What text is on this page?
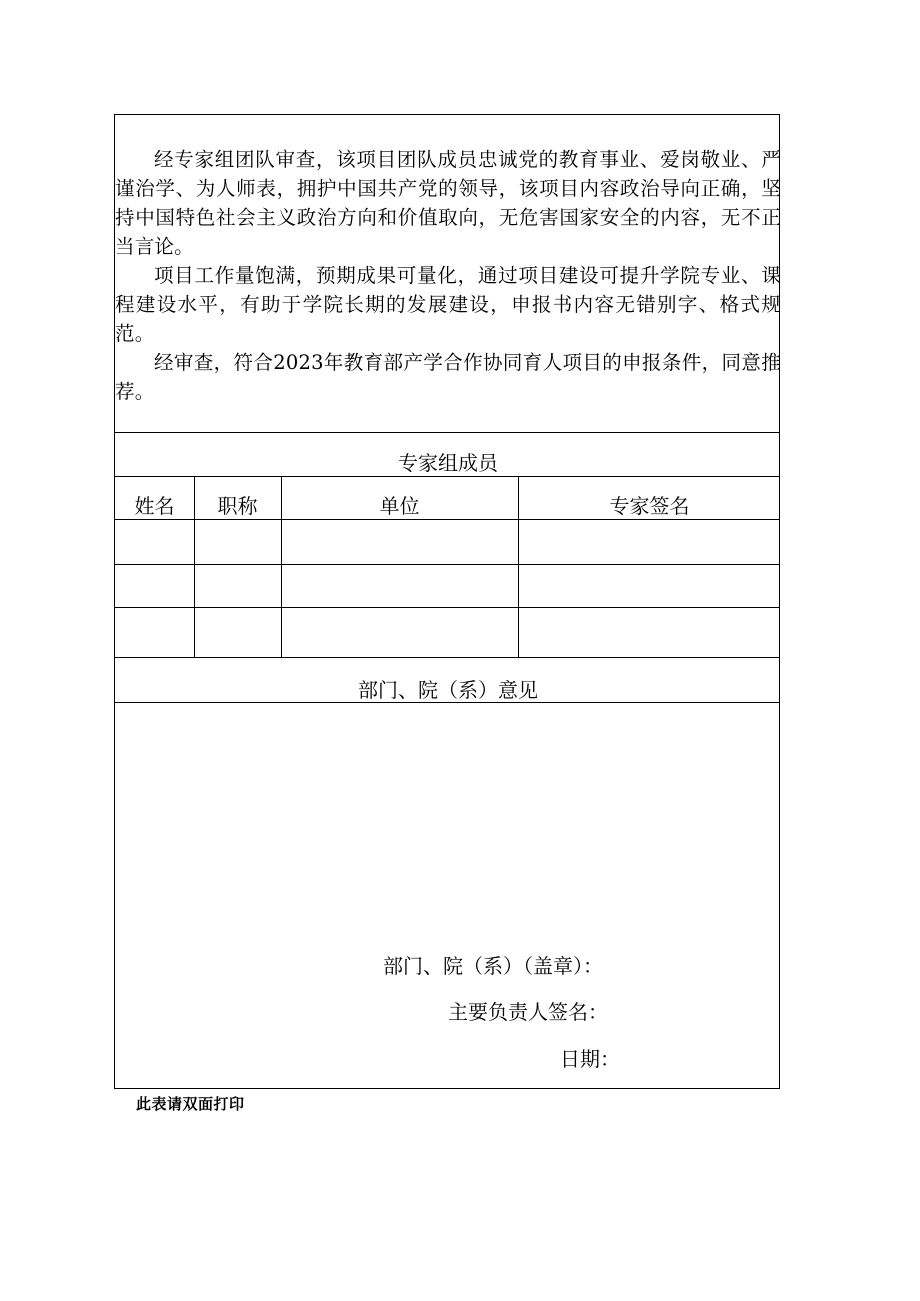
经专家组团队审查，该项目团队成员忠诚党的教育事业、爱岗敬业、严谨治学、为人师表，拥护中国共产党的领导，该项目内容政治导向正确，坚持中国特色社会主义政治方向和价值取向，无危害国家安全的内容，无不正当言论。

项目工作量饱满，预期成果可量化，通过项目建设可提升学院专业、课程建设水平，有助于学院长期的发展建设，申报书内容无错别字、格式规范。

经审查，符合2023年教育部产学合作协同育人项目的申报条件，同意推荐。

专家组成员
姓名	职称	单位	专家签名
部门、院（系）意见
部门、院（系）（盖章）：
主要负责人签名：
日期：
此表请双面打印
